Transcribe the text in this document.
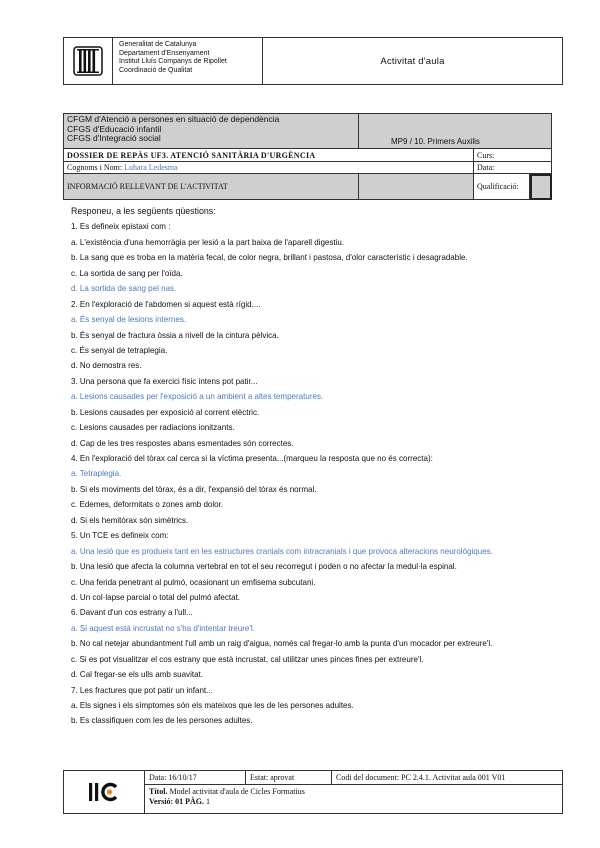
Generalitat de Catalunya
Departament d'Ensenyament
Institut Lluís Companys de Ripollet
Coordinació de Qualitat
Activitat d'aula
CFGM d'Atenció a persones en situació de dependència
CFGS d'Educació infantil
CFGS d'Integració social	MP9 / 10. Primers Auxilis		
DOSSIER DE REPÀS UF3. ATENCIÓ SANITÀRIA D'URGÈNCIA		Curs:	
Cognoms i Nom: Luhara Ledesma		Data:	
INFORMACIÓ RELLEVANT DE L'ACTIVITAT		Qualificació:	
Responeu, a les següents qüestions:
1. Es defineix epistaxi com :
a. L'existència d'una hemorràgia per lesió a la part baixa de l'aparell digestiu.
b. La sang que es troba en la matèria fecal, de color negra, brillant i pastosa, d'olor característic i desagradable.
c. La sortida de sang per l'oïda.
d. La sortida de sang pel nas.
2. En l'exploració de l'abdomen si aquest està rígid....
a. És senyal de lesions internes.
b. És senyal de fractura òssia a nivell de la cintura pèlvica.
c. És senyal de tetraplegia.
d. No demostra res.
3. Una persona que fa exercici físic intens pot patir...
a. Lesions causades per l'exposició a un ambient a altes temperatures.
b. Lesions causades per exposició al corrent elèctric.
c. Lesions causades per radiacions ionitzants.
d. Cap de les tres respostes abans esmentades són correctes.
4. En l'exploració del tòrax cal cerca si la víctima presenta...(marqueu la resposta que no és correcta):
a. Tetraplegia.
b. Si els moviments del tòrax, és a dir, l'expansió del tòrax és normal.
c. Edemes, deformitats o zones amb dolor.
d. Si els hemitòrax són simètrics.
5. Un TCE es defineix com:
a. Una lesió que es produeix tant en les estructures cranials com intracranials i que provoca alteracions neurològiques.
b. Una lesió que afecta la columna vertebral en tot el seu recorregut i poden o no afectar la medul·la espinal.
c. Una ferida penetrant al pulmó, ocasionant un emfisema subcutani.
d. Un col·lapse parcial o total del pulmó afectat.
6. Davant d'un cos estrany a l'ull...
a. Si aquest està incrustat no s'ha d'intentar treure'l.
b. No cal netejar abundantment l'ull amb un raig d'aigua, només cal fregar-lo amb la punta d'un mocador per extreure'l.
c. Si es pot visualitzar el cos estrany que està incrustat, cal utilitzar unes pinces fines per extreure'l.
d. Cal fregar-se els ulls amb suavitat.
7. Les fractures que pot patir un infant...
a. Els signes i els símptomes són els mateixos que les de les persones adultes.
b. Es classifiquen com les de les persones adultes.
Data: 16/10/17	Estat: aprovat	Codi del document: PC 2.4.1. Activitat aula 001 V01
Títol. Model activitat d'aula de Cicles Formatius
Versió: 01 PÀG. 1
